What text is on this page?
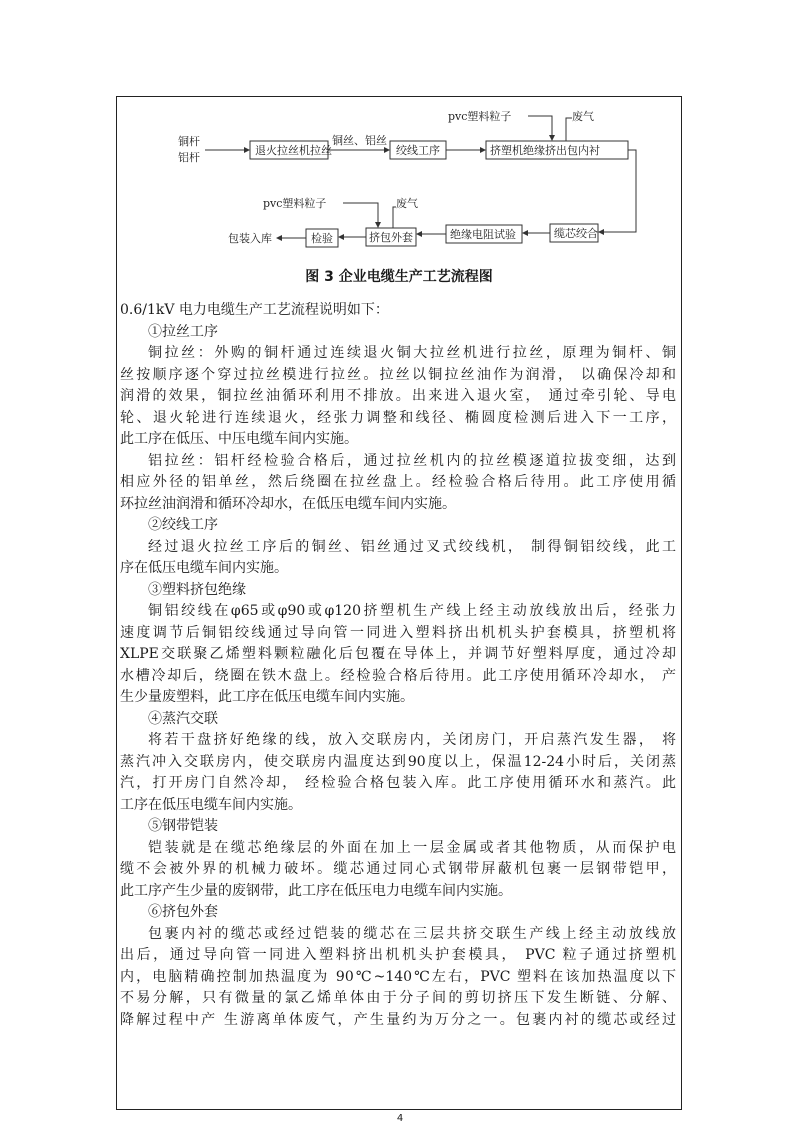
铜杆
铝杆
退火拉丝机拉丝
铜丝、铝丝
绞线工序
pvc塑料粒子	废气
挤塑机绝缘挤出包内衬
缆芯绞合
绝缘电阻试验
pvc塑料粒子	废气
挤包外套
检验
包装入库
图 3 企业电缆生产工艺流程图
0.6/1kV 电力电缆生产工艺流程说明如下：
①拉丝工序
铜拉丝：外购的铜杆通过连续退火铜大拉丝机进行拉丝，原理为铜杆、铜
丝按顺序逐个穿过拉丝模进行拉丝。拉丝以铜拉丝油作为润滑， 以确保冷却和
润滑的效果，铜拉丝油循环利用不排放。出来进入退火室， 通过牵引轮、导电
轮、退火轮进行连续退火，经张力调整和线径、椭圆度检测后进入下一工序，
此工序在低压、中压电缆车间内实施。
铝拉丝：铝杆经检验合格后，通过拉丝机内的拉丝模逐道拉拔变细，达到
相应外径的铝单丝，然后绕圈在拉丝盘上。经检验合格后待用。此工序使用循
环拉丝油润滑和循环冷却水，在低压电缆车间内实施。
②绞线工序
经过退火拉丝工序后的铜丝、铝丝通过叉式绞线机， 制得铜铝绞线，此工
序在低压电缆车间内实施。
③塑料挤包绝缘
铜铝绞线在φ65或φ90或φ120挤塑机生产线上经主动放线放出后，经张力
速度调节后铜铝绞线通过导向管一同进入塑料挤出机机头护套模具，挤塑机将
XLPE交联聚乙烯塑料颗粒融化后包覆在导体上，并调节好塑料厚度，通过冷却
水槽冷却后，绕圈在铁木盘上。经检验合格后待用。此工序使用循环冷却水， 产
生少量废塑料，此工序在低压电缆车间内实施。
④蒸汽交联
将若干盘挤好绝缘的线，放入交联房内，关闭房门，开启蒸汽发生器， 将
蒸汽冲入交联房内，使交联房内温度达到90度以上，保温12-24小时后，关闭蒸
汽，打开房门自然冷却， 经检验合格包装入库。此工序使用循环水和蒸汽。此
工序在低压电缆车间内实施。
⑤钢带铠装
铠装就是在缆芯绝缘层的外面在加上一层金属或者其他物质，从而保护电
缆不会被外界的机械力破坏。缆芯通过同心式钢带屏蔽机包裹一层钢带铠甲，
此工序产生少量的废钢带，此工序在低压电力电缆车间内实施。
⑥挤包外套
包裹内衬的缆芯或经过铠装的缆芯在三层共挤交联生产线上经主动放线放
出后，通过导向管一同进入塑料挤出机机头护套模具， PVC 粒子通过挤塑机
内，电脑精确控制加热温度为 90℃~140℃左右，PVC 塑料在该加热温度以下
不易分解，只有微量的氯乙烯单体由于分子间的剪切挤压下发生断链、分解、
降解过程中产 生游离单体废气，产生量约为万分之一。包裹内衬的缆芯或经过
4
